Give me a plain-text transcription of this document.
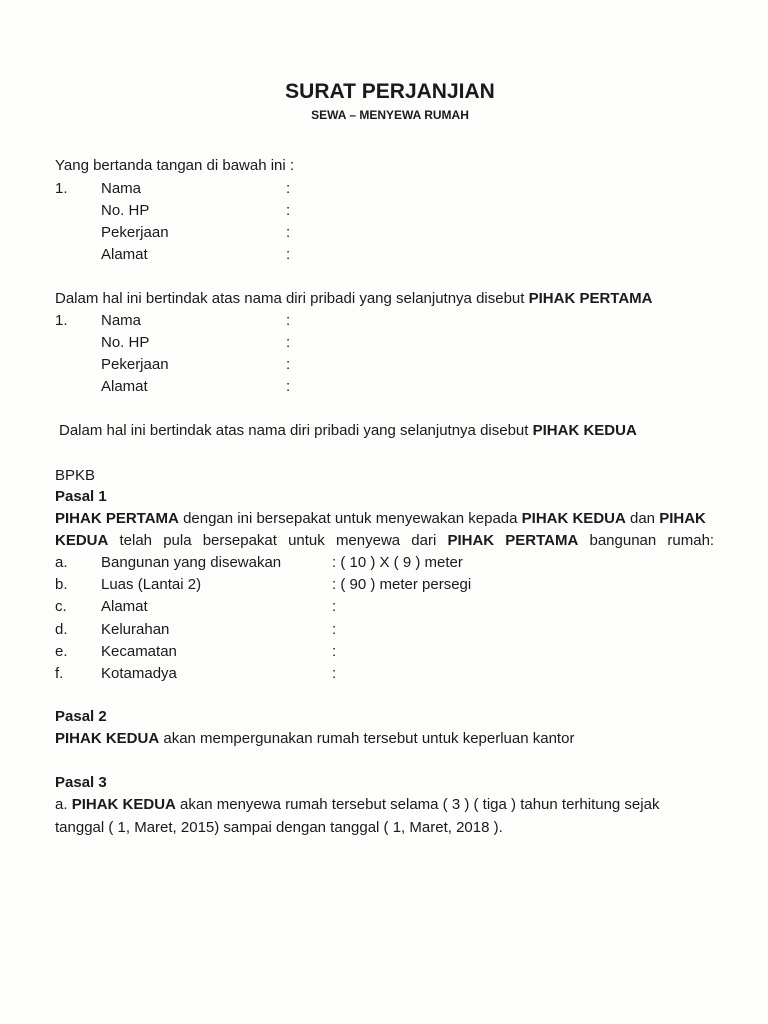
SURAT PERJANJIAN
SEWA – MENYEWA RUMAH
Yang bertanda tangan di bawah ini :
1. Nama	:
No. HP	:
Pekerjaan	:
Alamat	:
Dalam hal ini bertindak atas nama diri pribadi yang selanjutnya disebut PIHAK PERTAMA
1. Nama	:
No. HP	:
Pekerjaan	:
Alamat	:
Dalam hal ini bertindak atas nama diri pribadi yang selanjutnya disebut PIHAK KEDUA
BPKB
Pasal 1
PIHAK PERTAMA dengan ini bersepakat untuk menyewakan kepada PIHAK KEDUA dan PIHAK
KEDUA telah pula bersepakat untuk menyewa dari PIHAK PERTAMA bangunan rumah:
a. Bangunan yang disewakan	: ( 10 ) X ( 9 ) meter
b. Luas (Lantai 2)	: ( 90 ) meter persegi
c. Alamat	:
d. Kelurahan	:
e. Kecamatan	:
f.	Kotamadya	:
Pasal 2
PIHAK KEDUA akan mempergunakan rumah tersebut untuk keperluan kantor
Pasal 3
a. PIHAK KEDUA akan menyewa rumah tersebut selama ( 3 ) ( tiga ) tahun terhitung sejak
tanggal ( 1, Maret, 2015) sampai dengan tanggal ( 1, Maret, 2018 ).
